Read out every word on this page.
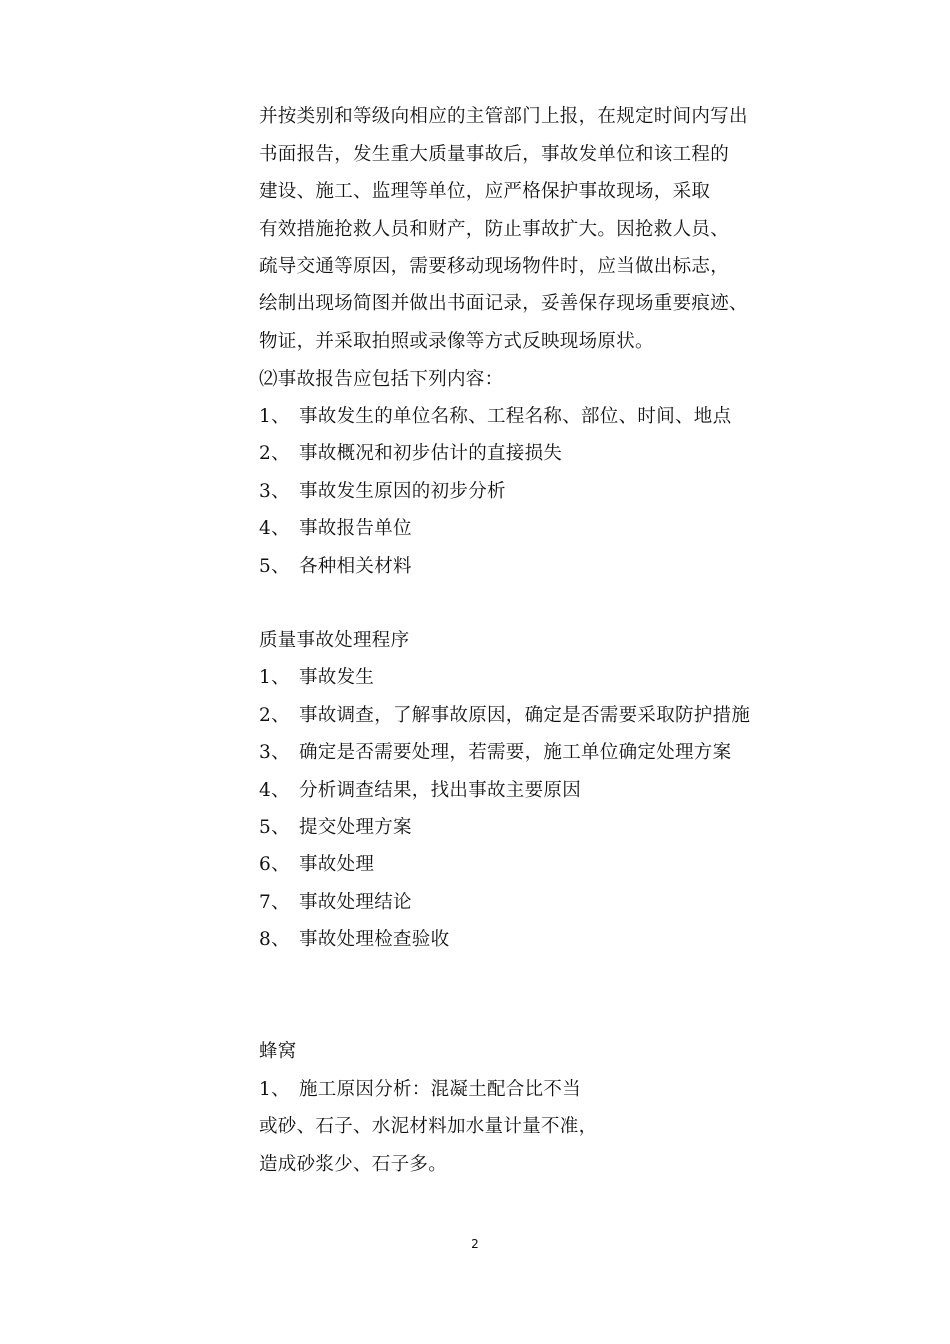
并按类别和等级向相应的主管部门上报，在规定时间内写出
书面报告，发生重大质量事故后，事故发单位和该工程的
建设、施工、监理等单位，应严格保护事故现场，采取
有效措施抢救人员和财产，防止事故扩大。因抢救人员、
疏导交通等原因，需要移动现场物件时，应当做出标志，
绘制出现场简图并做出书面记录，妥善保存现场重要痕迹、
物证，并采取拍照或录像等方式反映现场原状。
⑵事故报告应包括下列内容：
1、 事故发生的单位名称、工程名称、部位、时间、地点
2、 事故概况和初步估计的直接损失
3、 事故发生原因的初步分析
4、 事故报告单位
5、 各种相关材料
质量事故处理程序
1、 事故发生
2、 事故调查，了解事故原因，确定是否需要采取防护措施
3、 确定是否需要处理，若需要，施工单位确定处理方案
4、 分析调查结果，找出事故主要原因
5、 提交处理方案
6、 事故处理
7、 事故处理结论
8、 事故处理检查验收
蜂窝
1、 施工原因分析：混凝土配合比不当
或砂、石子、水泥材料加水量计量不准，
造成砂浆少、石子多。
2
